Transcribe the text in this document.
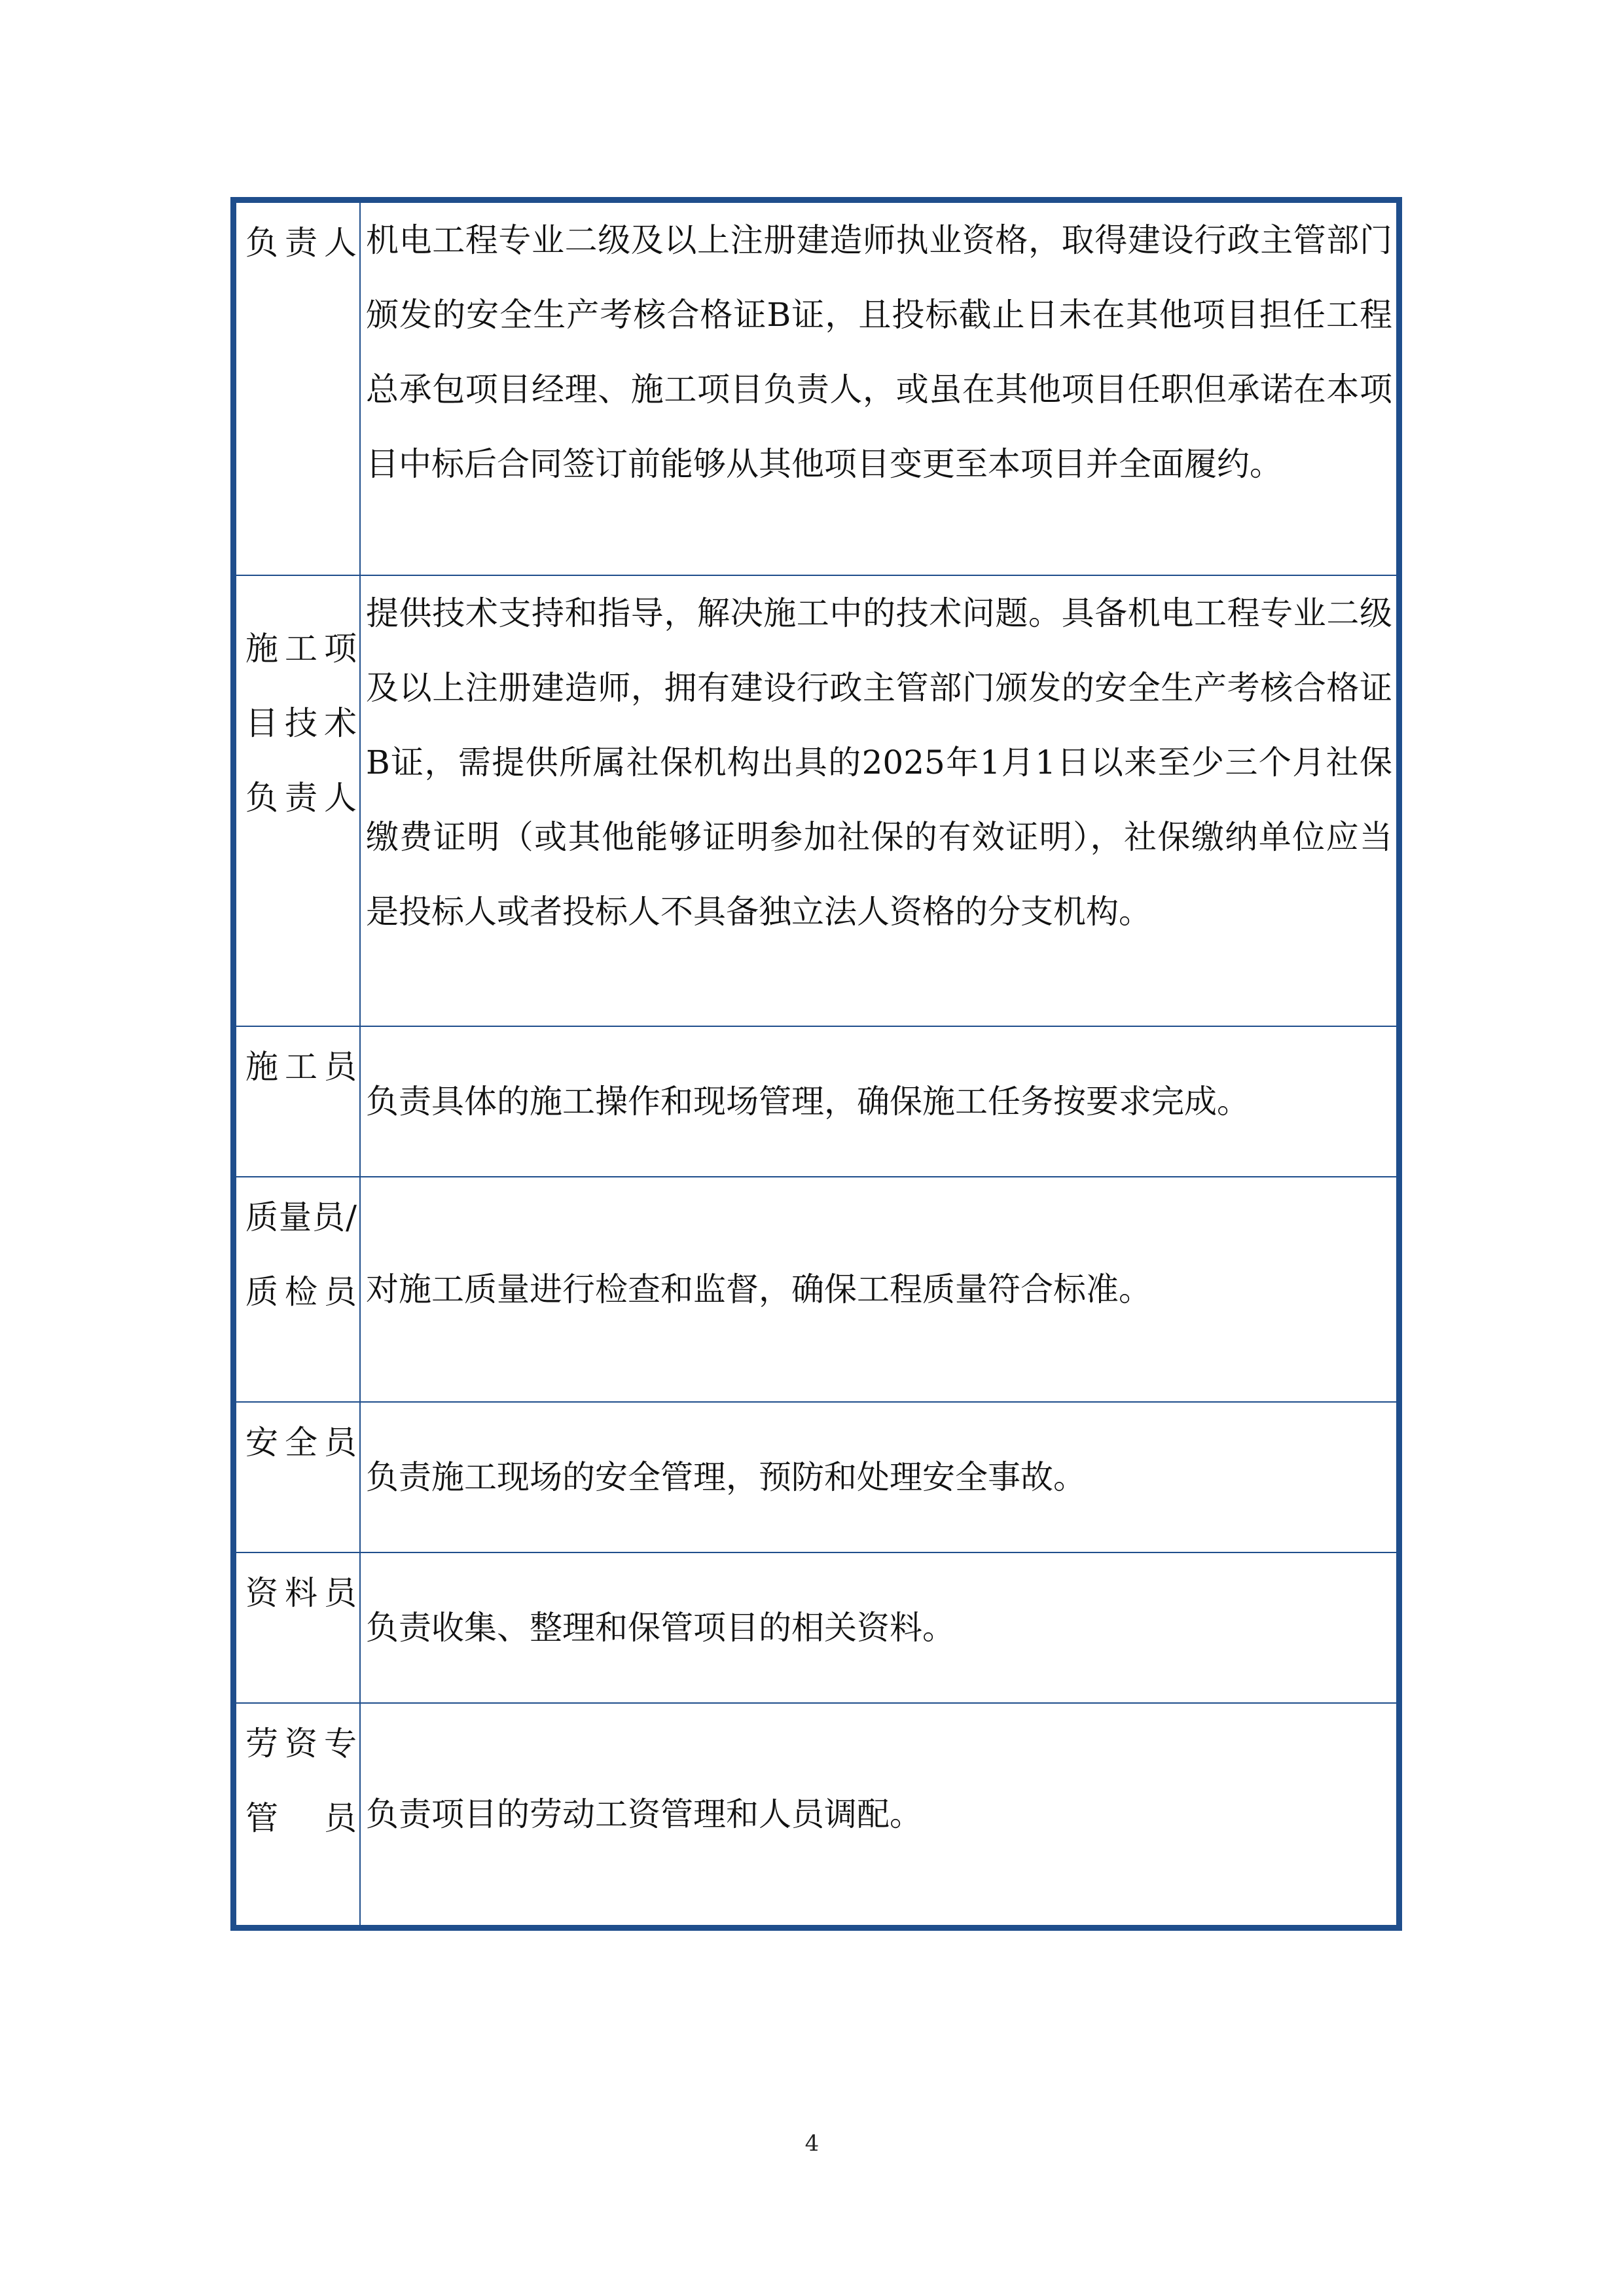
负责人	机电工程专业二级及以上注册建造师执业资格，取得建设行政主管部门颁发的安全生产考核合格证B证，且投标截止日未在其他项目担任工程总承包项目经理、施工项目负责人，或虽在其他项目任职但承诺在本项目中标后合同签订前能够从其他项目变更至本项目并全面履约。
施工项目技术负责人	提供技术支持和指导，解决施工中的技术问题。具备机电工程专业二级及以上注册建造师，拥有建设行政主管部门颁发的安全生产考核合格证B证，需提供所属社保机构出具的2025年1月1日以来至少三个月社保缴费证明（或其他能够证明参加社保的有效证明），社保缴纳单位应当是投标人或者投标人不具备独立法人资格的分支机构。
施工员	负责具体的施工操作和现场管理，确保施工任务按要求完成。
质量员/质检员	对施工质量进行检查和监督，确保工程质量符合标准。
安全员	负责施工现场的安全管理，预防和处理安全事故。
资料员	负责收集、整理和保管项目的相关资料。
劳资专管员	负责项目的劳动工资管理和人员调配。
4
